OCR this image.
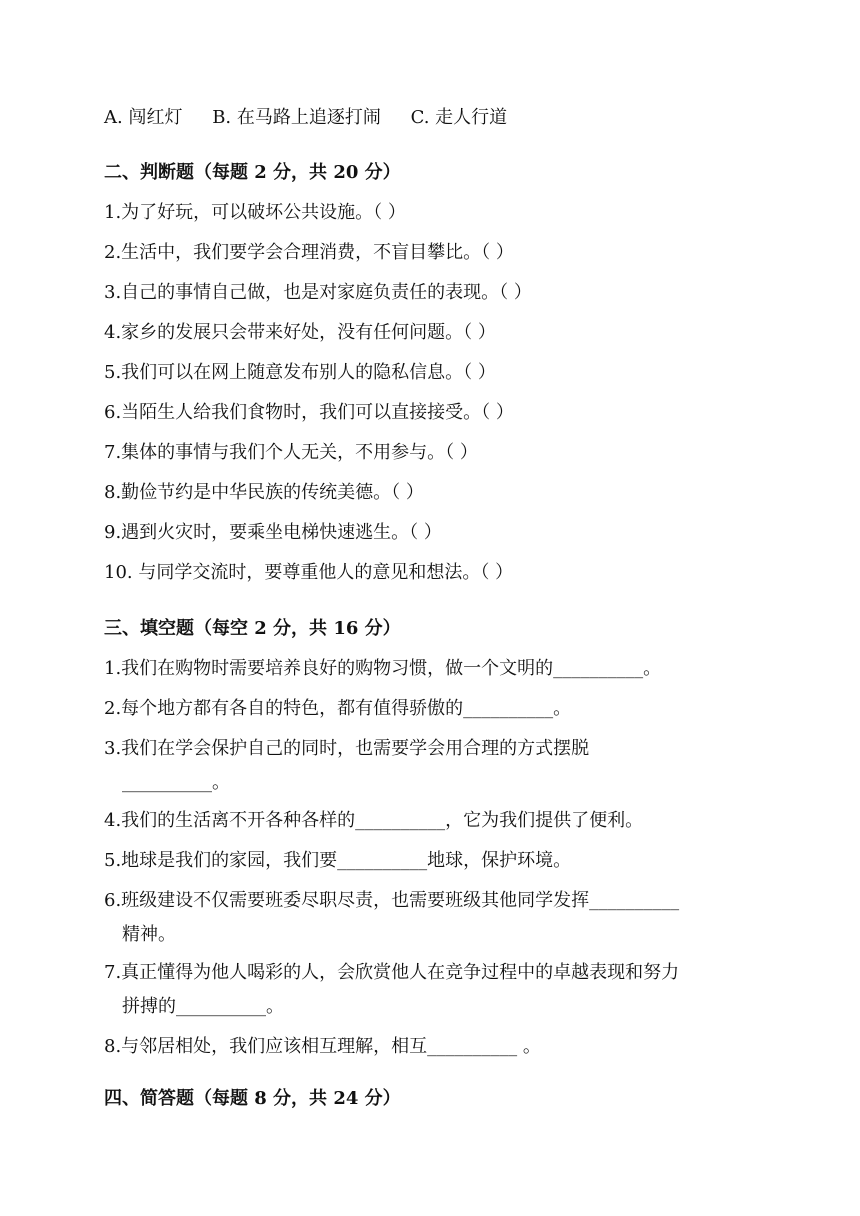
A. 闯红灯 B. 在马路上追逐打闹 C. 走人行道
二、判断题（每题 2 分，共 20 分）
1.为了好玩，可以破坏公共设施。（ ）
2.生活中，我们要学会合理消费，不盲目攀比。（ ）
3.自己的事情自己做，也是对家庭负责任的表现。（ ）
4.家乡的发展只会带来好处，没有任何问题。（ ）
5.我们可以在网上随意发布别人的隐私信息。（ ）
6.当陌生人给我们食物时，我们可以直接接受。（ ）
7.集体的事情与我们个人无关，不用参与。（ ）
8.勤俭节约是中华民族的传统美德。（ ）
9.遇到火灾时，要乘坐电梯快速逃生。（ ）
10. 与同学交流时，要尊重他人的意见和想法。（ ）
三、填空题（每空 2 分，共 16 分）
1.我们在购物时需要培养良好的购物习惯，做一个文明的__________。
2.每个地方都有各自的特色，都有值得骄傲的__________。
3.我们在学会保护自己的同时，也需要学会用合理的方式摆脱
__________。
4.我们的生活离不开各种各样的__________，它为我们提供了便利。
5.地球是我们的家园，我们要__________地球，保护环境。
6.班级建设不仅需要班委尽职尽责，也需要班级其他同学发挥__________
精神。
7.真正懂得为他人喝彩的人，会欣赏他人在竞争过程中的卓越表现和努力
拼搏的__________。
8.与邻居相处，我们应该相互理解，相互__________ 。
四、简答题（每题 8 分，共 24 分）
